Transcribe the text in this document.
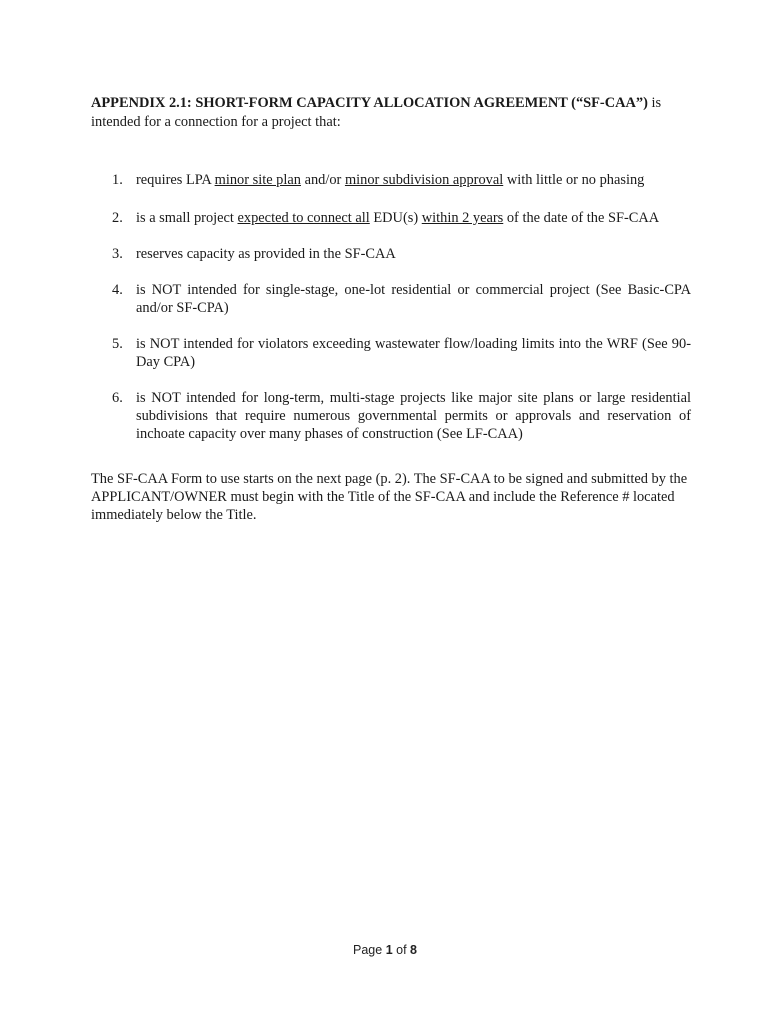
APPENDIX 2.1: SHORT-FORM CAPACITY ALLOCATION AGREEMENT (“SF-CAA”) is intended for a connection for a project that:

1. requires LPA minor site plan and/or minor subdivision approval with little or no phasing
2. is a small project expected to connect all EDU(s) within 2 years of the date of the SF-CAA
3. reserves capacity as provided in the SF-CAA
4. is NOT intended for single-stage, one-lot residential or commercial project (See Basic-CPA and/or SF-CPA)
5. is NOT intended for violators exceeding wastewater flow/loading limits into the WRF (See 90-Day CPA)
6. is NOT intended for long-term, multi-stage projects like major site plans or large residential subdivisions that require numerous governmental permits or approvals and reservation of inchoate capacity over many phases of construction (See LF-CAA)

The SF-CAA Form to use starts on the next page (p. 2). The SF-CAA to be signed and submitted by the APPLICANT/OWNER must begin with the Title of the SF-CAA and include the Reference # located immediately below the Title.

Page 1 of 8
